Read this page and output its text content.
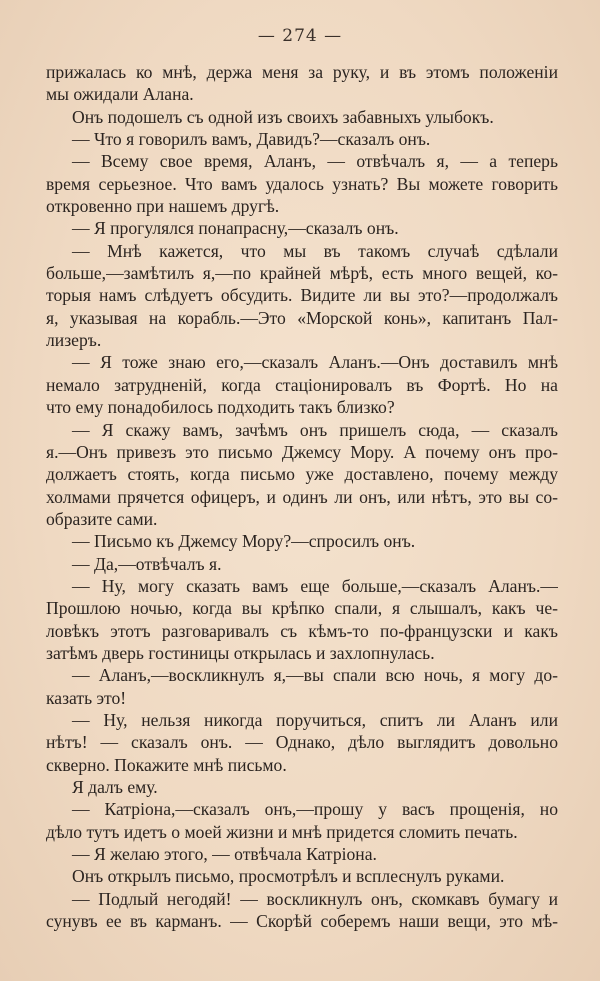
— 274 —
прижалась ко мнѣ, держа меня за руку, и въ этомъ положеніи
мы ожидали Алана.
Онъ подошелъ съ одной изъ своихъ забавныхъ улыбокъ.
— Что я говорилъ вамъ, Давидъ?—сказалъ онъ.
— Всему свое время, Аланъ, — отвѣчалъ я, — а теперь
время серьезное. Что вамъ удалось узнать? Вы можете говорить
откровенно при нашемъ другѣ.
— Я прогулялся понапрасну,—сказалъ онъ.
— Мнѣ кажется, что мы въ такомъ случаѣ сдѣлали
больше,—замѣтилъ я,—по крайней мѣрѣ, есть много вещей, ко-
торыя намъ слѣдуетъ обсудить. Видите ли вы это?—продолжалъ
я, указывая на корабль.—Это «Морской конь», капитанъ Пал-
лизеръ.
— Я тоже знаю его,—сказалъ Аланъ.—Онъ доставилъ мнѣ
немало затрудненій, когда стаціонировалъ въ Фортѣ. Но на
что ему понадобилось подходить такъ близко?
— Я скажу вамъ, зачѣмъ онъ пришелъ сюда, — сказалъ
я.—Онъ привезъ это письмо Джемсу Мору. А почему онъ про-
должаетъ стоять, когда письмо уже доставлено, почему между
холмами прячется офицеръ, и одинъ ли онъ, или нѣтъ, это вы со-
образите сами.
— Письмо къ Джемсу Мору?—спросилъ онъ.
— Да,—отвѣчалъ я.
— Ну, могу сказать вамъ еще больше,—сказалъ Аланъ.—
Прошлою ночью, когда вы крѣпко спали, я слышалъ, какъ че-
ловѣкъ этотъ разговаривалъ съ кѣмъ-то по-французски и какъ
затѣмъ дверь гостиницы открылась и захлопнулась.
— Аланъ,—воскликнулъ я,—вы спали всю ночь, я могу до-
казать это!
— Ну, нельзя никогда поручиться, спитъ ли Аланъ или
нѣтъ! — сказалъ онъ. — Однако, дѣло выглядитъ довольно
скверно. Покажите мнѣ письмо.
Я далъ ему.
— Катріона,—сказалъ онъ,—прошу у васъ прощенія, но
дѣло тутъ идетъ о моей жизни и мнѣ придется сломить печать.
— Я желаю этого, — отвѣчала Катріона.
Онъ открылъ письмо, просмотрѣлъ и всплеснулъ руками.
— Подлый негодяй! — воскликнулъ онъ, скомкавъ бумагу и
сунувъ ее въ карманъ. — Скорѣй соберемъ наши вещи, это мѣ-
